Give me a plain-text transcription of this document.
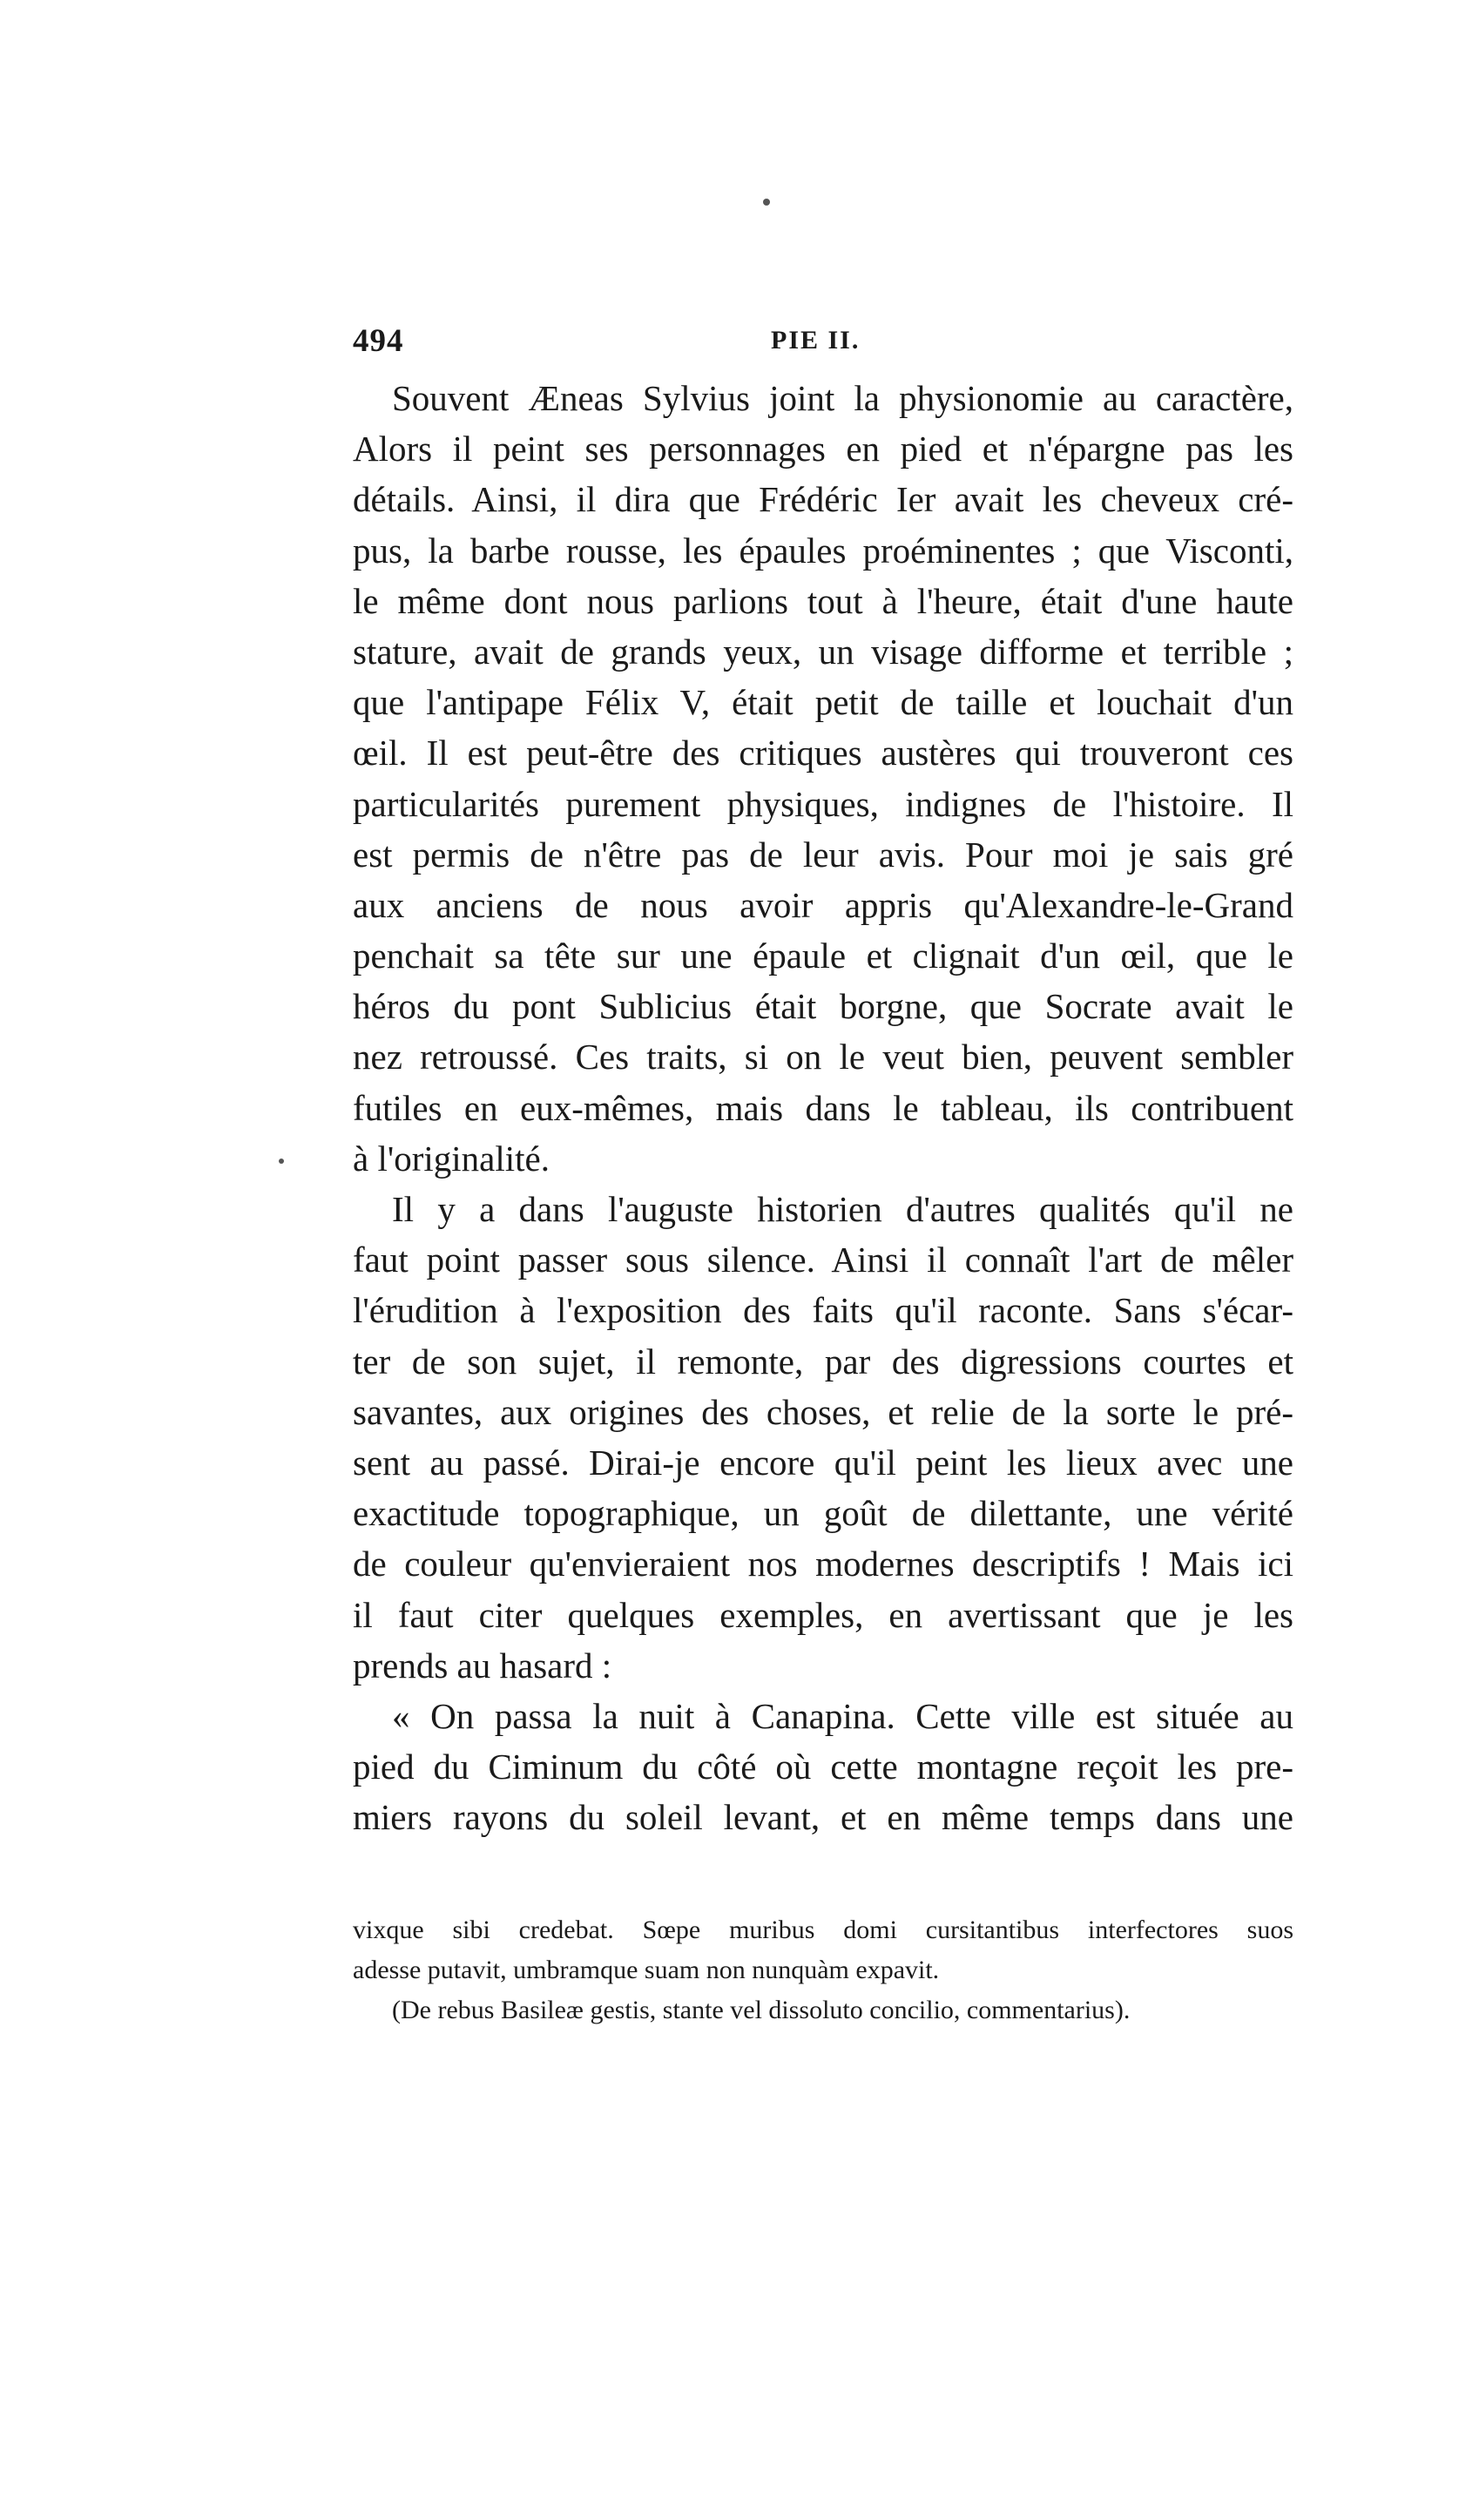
494	PIE II.
Souvent Æneas Sylvius joint la physionomie au caractère,
Alors il peint ses personnages en pied et n'épargne pas les
détails. Ainsi, il dira que Frédéric Ier avait les cheveux cré-
pus, la barbe rousse, les épaules proéminentes ; que Visconti,
le même dont nous parlions tout à l'heure, était d'une haute
stature, avait de grands yeux, un visage difforme et terrible ;
que l'antipape Félix V, était petit de taille et louchait d'un
œil. Il est peut-être des critiques austères qui trouveront ces
particularités purement physiques, indignes de l'histoire. Il
est permis de n'être pas de leur avis. Pour moi je sais gré
aux anciens de nous avoir appris qu'Alexandre-le-Grand
penchait sa tête sur une épaule et clignait d'un œil, que le
héros du pont Sublicius était borgne, que Socrate avait le
nez retroussé. Ces traits, si on le veut bien, peuvent sembler
futiles en eux-mêmes, mais dans le tableau, ils contribuent
à l'originalité.
Il y a dans l'auguste historien d'autres qualités qu'il ne
faut point passer sous silence. Ainsi il connaît l'art de mêler
l'érudition à l'exposition des faits qu'il raconte. Sans s'écar-
ter de son sujet, il remonte, par des digressions courtes et
savantes, aux origines des choses, et relie de la sorte le pré-
sent au passé. Dirai-je encore qu'il peint les lieux avec une
exactitude topographique, un goût de dilettante, une vérité
de couleur qu'envieraient nos modernes descriptifs ! Mais ici
il faut citer quelques exemples, en avertissant que je les
prends au hasard :
« On passa la nuit à Canapina. Cette ville est située au
pied du Ciminum du côté où cette montagne reçoit les pre-
miers rayons du soleil levant, et en même temps dans une
vixque sibi credebat. Sœpe muribus domi cursitantibus interfectores suos
adesse putavit, umbramque suam non nunquàm expavit.
(De rebus Basileæ gestis, stante vel dissoluto concilio, commentarius).
